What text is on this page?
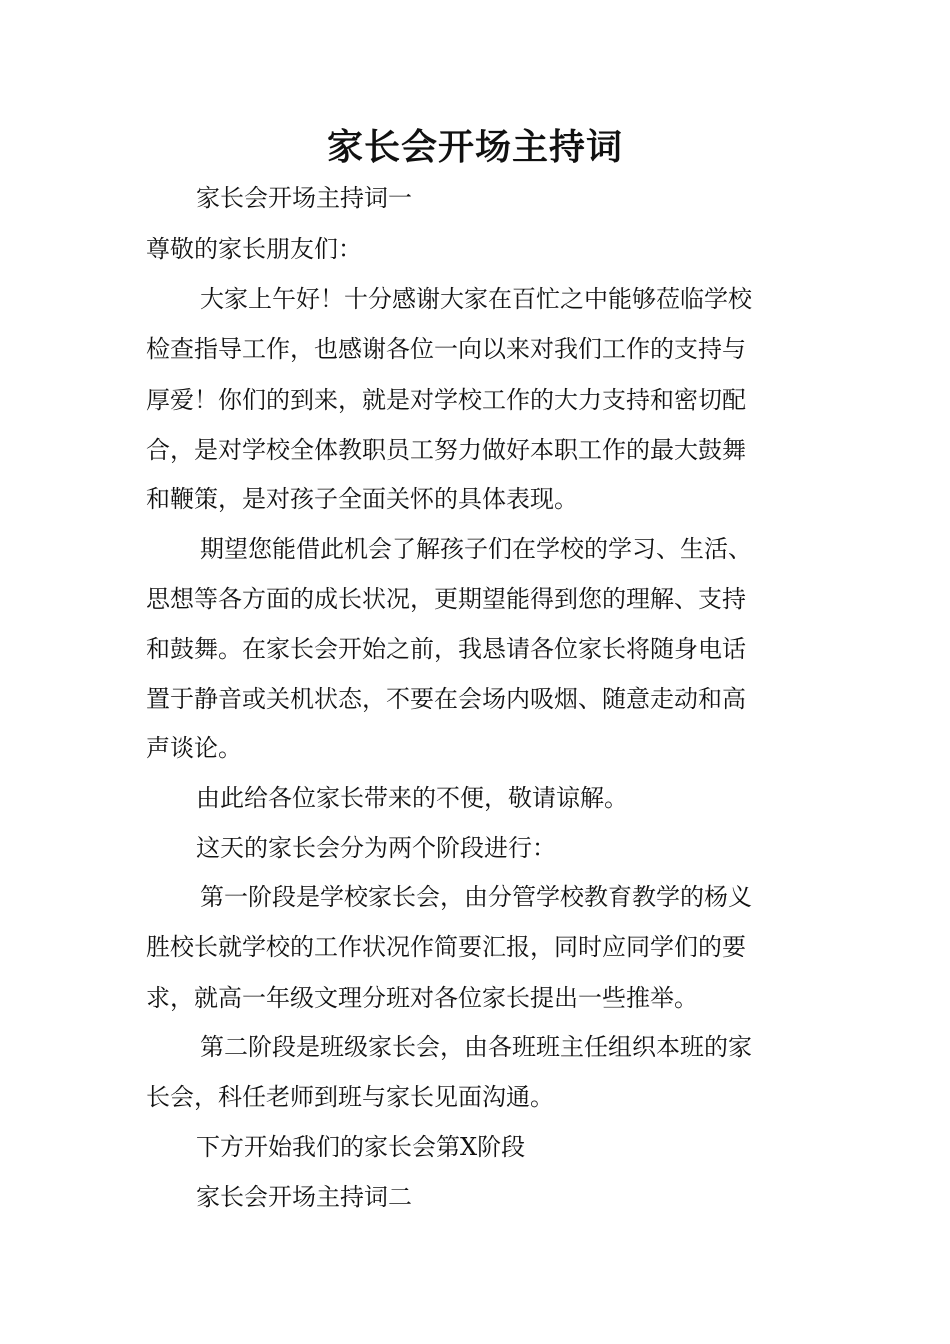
家长会开场主持词
家长会开场主持词一
尊敬的家长朋友们：
大家上午好！十分感谢大家在百忙之中能够莅临学校
检查指导工作，也感谢各位一向以来对我们工作的支持与
厚爱！你们的到来，就是对学校工作的大力支持和密切配
合，是对学校全体教职员工努力做好本职工作的最大鼓舞
和鞭策，是对孩子全面关怀的具体表现。
期望您能借此机会了解孩子们在学校的学习、生活、
思想等各方面的成长状况，更期望能得到您的理解、支持
和鼓舞。在家长会开始之前，我恳请各位家长将随身电话
置于静音或关机状态，不要在会场内吸烟、随意走动和高
声谈论。
由此给各位家长带来的不便，敬请谅解。
这天的家长会分为两个阶段进行：
第一阶段是学校家长会，由分管学校教育教学的杨义
胜校长就学校的工作状况作简要汇报，同时应同学们的要
求，就高一年级文理分班对各位家长提出一些推举。
第二阶段是班级家长会，由各班班主任组织本班的家
长会，科任老师到班与家长见面沟通。
下方开始我们的家长会第Ⅹ阶段
家长会开场主持词二
